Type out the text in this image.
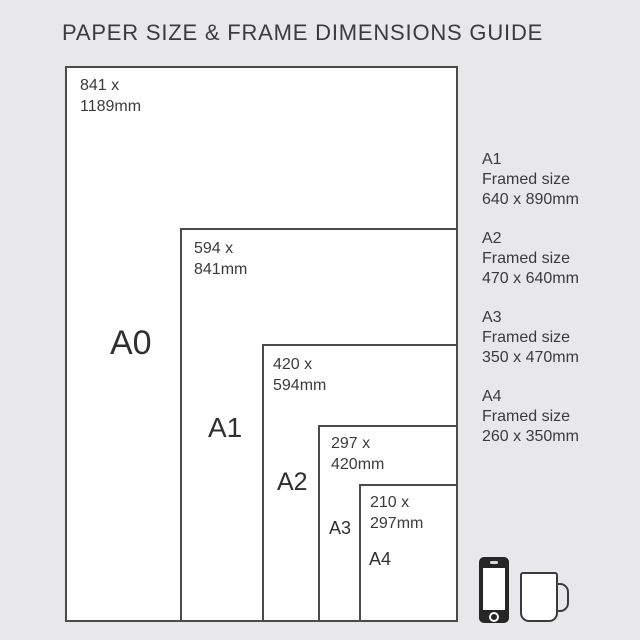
PAPER SIZE & FRAME DIMENSIONS GUIDE
841 x
1189mm
A0
594 x
841mm
A1
420 x
594mm
A2
297 x
420mm
A3
210 x
297mm
A4
A1
Framed size
640 x 890mm
A2
Framed size
470 x 640mm
A3
Framed size
350 x 470mm
A4
Framed size
260 x 350mm
